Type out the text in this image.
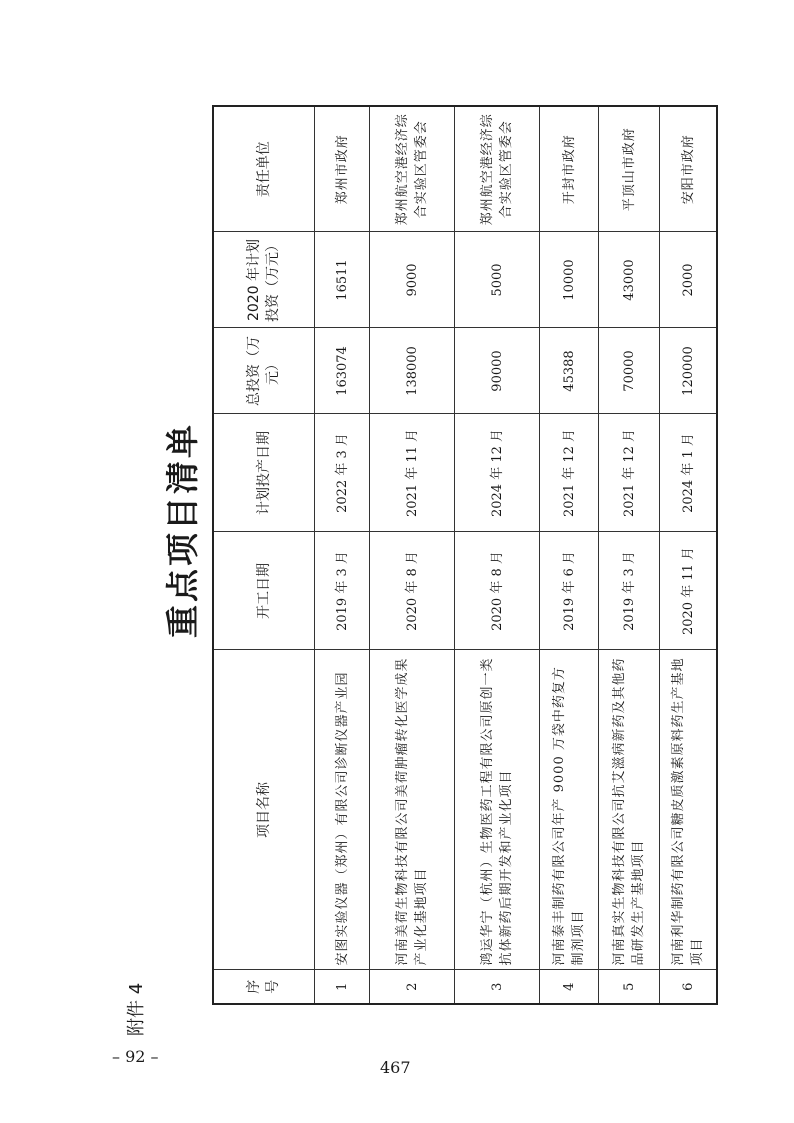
附件 4
重点项目清单
序号	项目名称	开工日期	计划投产日期	总投资（万元）	2020 年计划投资（万元）	责任单位
1	安图实验仪器（郑州）有限公司诊断仪器产业园	2019 年 3 月	2022 年 3 月	163074	16511	郑州市政府
2	河南美荷生物科技有限公司美荷肿瘤转化医学成果产业化基地项目	2020 年 8 月	2021 年 11 月	138000	9000	郑州航空港经济综合实验区管委会
3	鸿运华宁（杭州）生物医药工程有限公司原创一类抗体新药后期开发和产业化项目	2020 年 8 月	2024 年 12 月	90000	5000	郑州航空港经济综合实验区管委会
4	河南泰丰制药有限公司年产 9000 万袋中药复方制剂项目	2019 年 6 月	2021 年 12 月	45388	10000	开封市政府
5	河南真实生物科技有限公司抗艾滋病新药及其他药品研发生产基地项目	2019 年 3 月	2021 年 12 月	70000	43000	平顶山市政府
6	河南利华制药有限公司糖皮质激素原料药生产基地项目	2020 年 11 月	2024 年 1 月	120000	2000	安阳市政府
– 92 –
467
